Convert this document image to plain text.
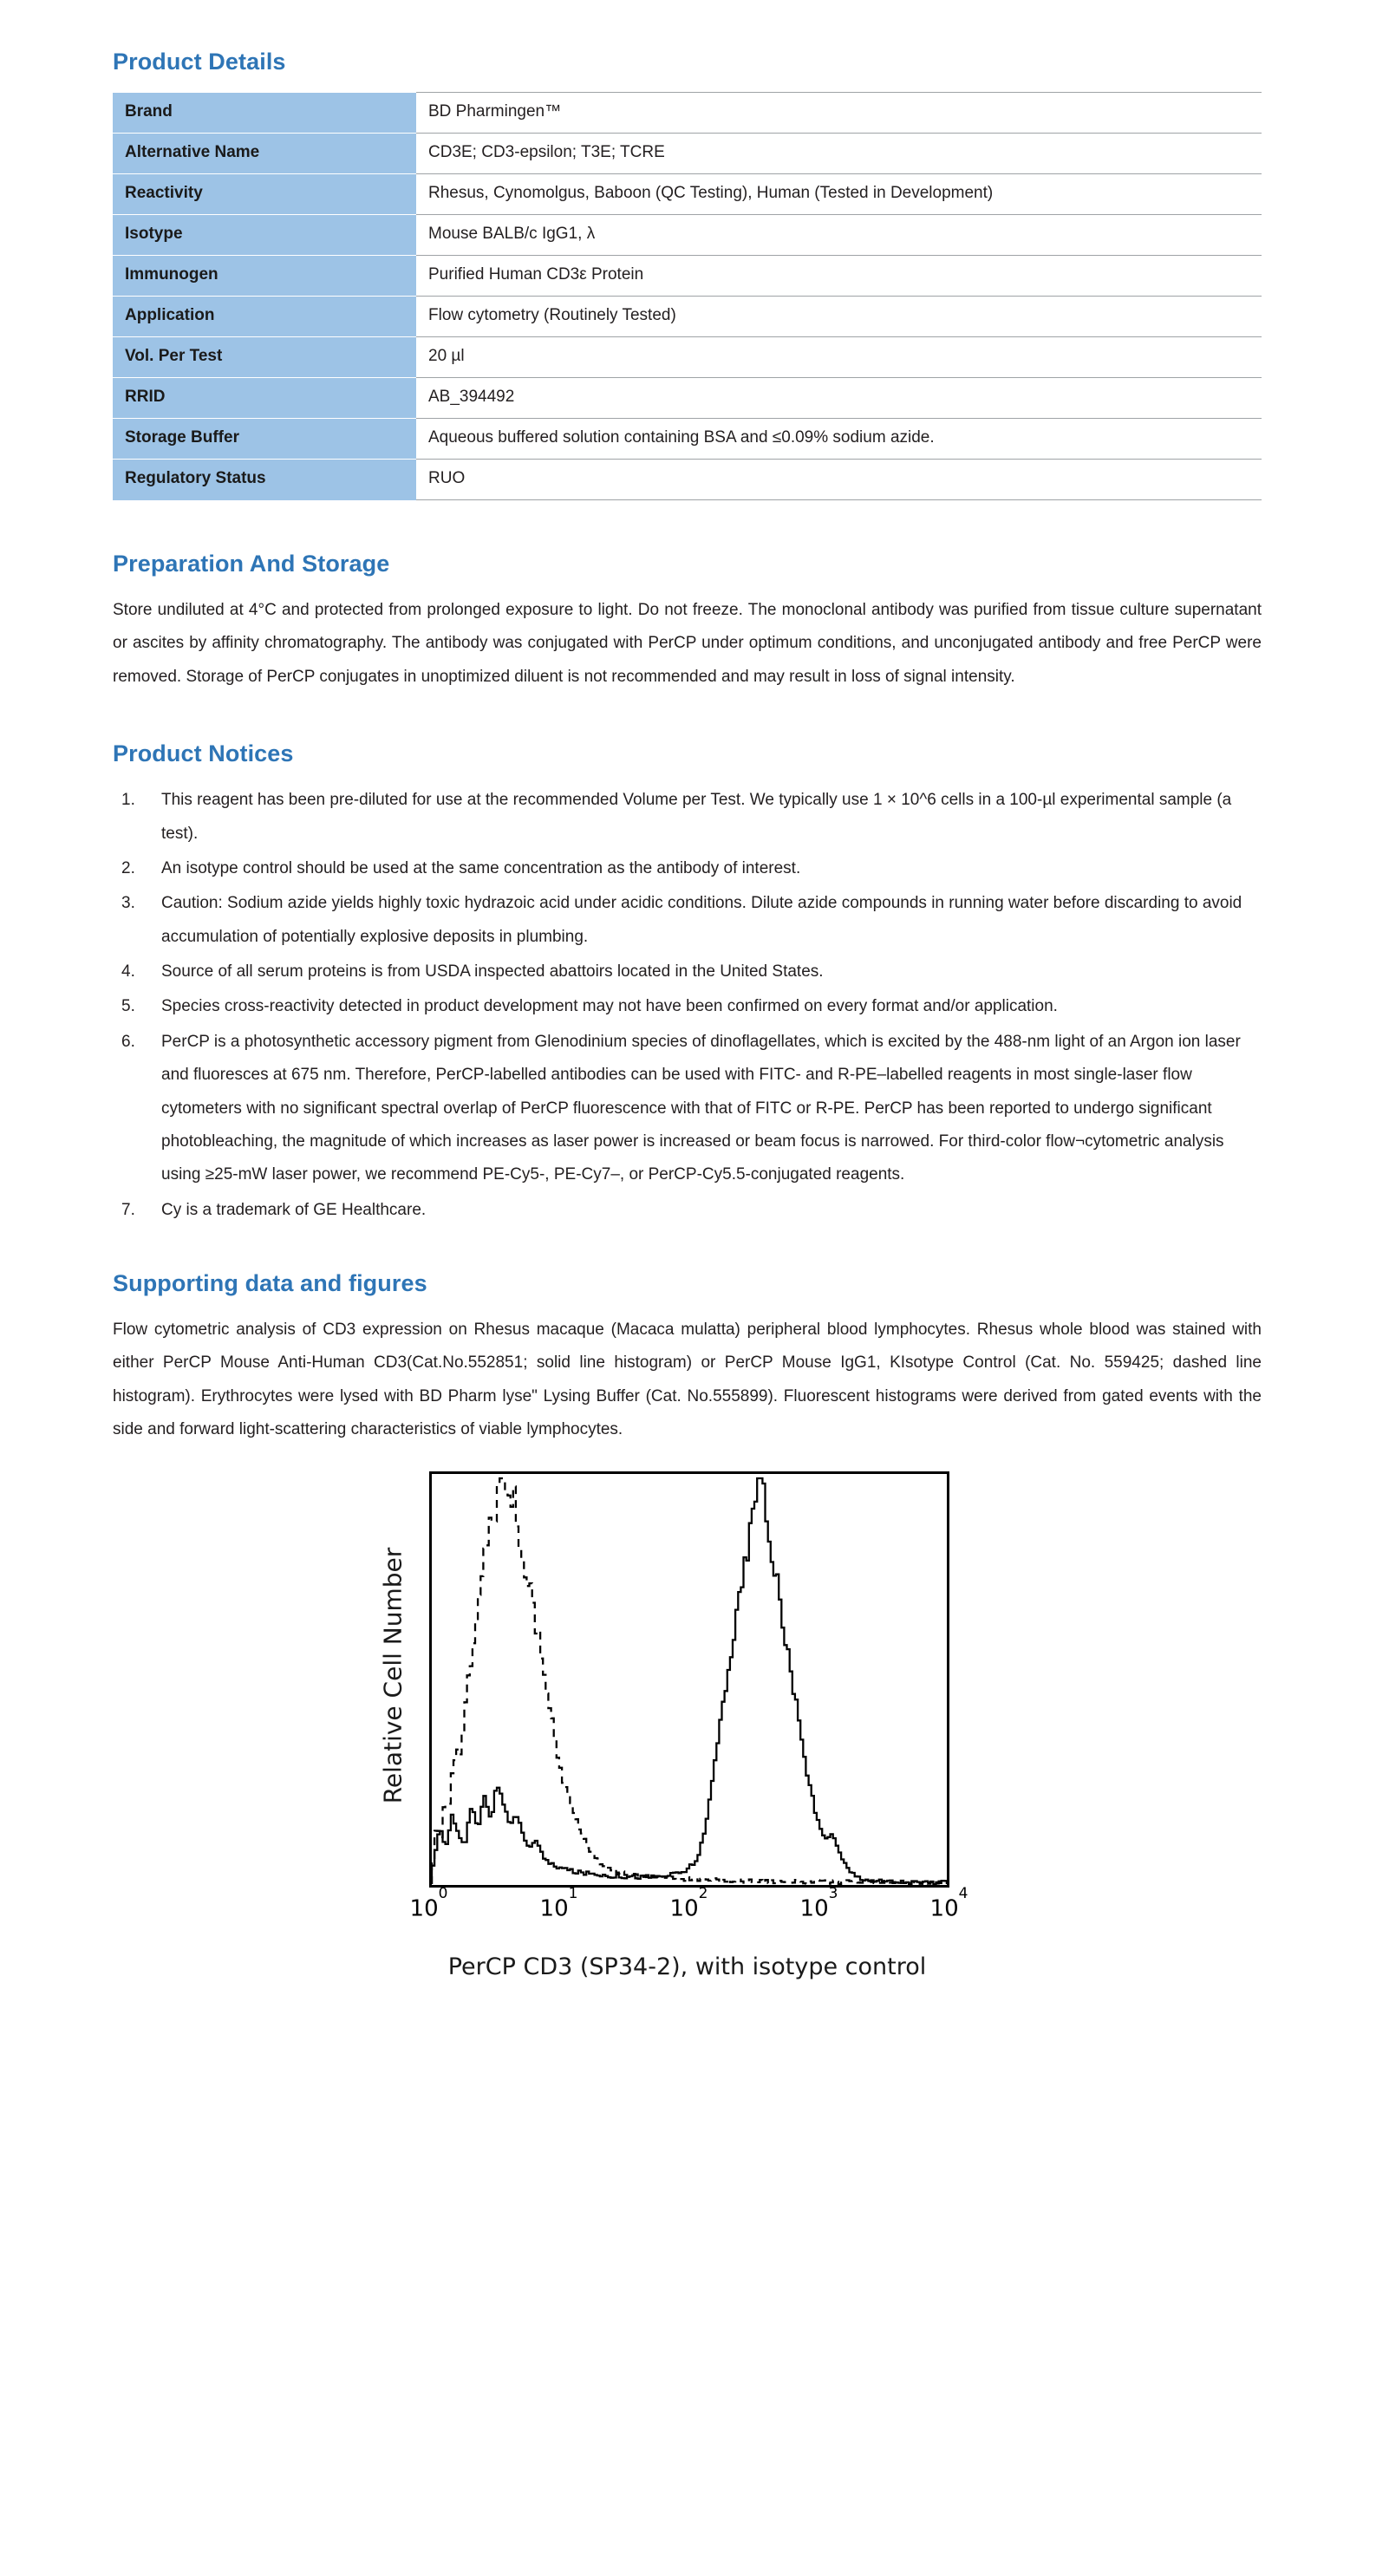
Product Details
Brand	BD Pharmingen™
Alternative Name	CD3E; CD3-epsilon; T3E; TCRE
Reactivity	Rhesus, Cynomolgus, Baboon (QC Testing), Human (Tested in Development)
Isotype	Mouse BALB/c IgG1, λ
Immunogen	Purified Human CD3ε Protein
Application	Flow cytometry (Routinely Tested)
Vol. Per Test	20 µl
RRID	AB_394492
Storage Buffer	Aqueous buffered solution containing BSA and ≤0.09% sodium azide.
Regulatory Status	RUO
Preparation And Storage

Store undiluted at 4°C and protected from prolonged exposure to light. Do not freeze. The monoclonal antibody was purified from tissue culture supernatant or ascites by affinity chromatography. The antibody was conjugated with PerCP under optimum conditions, and unconjugated antibody and free PerCP were removed. Storage of PerCP conjugates in unoptimized diluent is not recommended and may result in loss of signal intensity.

Product Notices
This reagent has been pre-diluted for use at the recommended Volume per Test. We typically use 1 × 10^6 cells in a 100-µl experimental sample (a test).
An isotype control should be used at the same concentration as the antibody of interest.
Caution: Sodium azide yields highly toxic hydrazoic acid under acidic conditions. Dilute azide compounds in running water before discarding to avoid accumulation of potentially explosive deposits in plumbing.
Source of all serum proteins is from USDA inspected abattoirs located in the United States.
Species cross-reactivity detected in product development may not have been confirmed on every format and/or application.
PerCP is a photosynthetic accessory pigment from Glenodinium species of dinoflagellates, which is excited by the 488-nm light of an Argon ion laser and fluoresces at 675 nm. Therefore, PerCP-labelled antibodies can be used with FITC- and R-PE–labelled reagents in most single-laser flow cytometers with no significant spectral overlap of PerCP fluorescence with that of FITC or R-PE. PerCP has been reported to undergo significant photobleaching, the magnitude of which increases as laser power is increased or beam focus is narrowed. For third-color flow¬cytometric analysis using ≥25-mW laser power, we recommend PE-Cy5-, PE-Cy7–, or PerCP-Cy5.5-conjugated reagents.
Cy is a trademark of GE Healthcare.
Supporting data and figures

Flow cytometric analysis of CD3 expression on Rhesus macaque (Macaca mulatta) peripheral blood lymphocytes. Rhesus whole blood was stained with either PerCP Mouse Anti-Human CD3(Cat.No.552851; solid line histogram) or PerCP Mouse IgG1, KIsotype Control (Cat. No. 559425; dashed line histogram). Erythrocytes were lysed with BD Pharm lyse" Lysing Buffer (Cat. No.555899). Fluorescent histograms were derived from gated events with the side and forward light-scattering characteristics of viable lymphocytes.

Relative Cell Number
$10^0$
$10^1$
$10^2$
$10^3$
$10^4$
PerCP CD3 (SP34-2), with isotype control
